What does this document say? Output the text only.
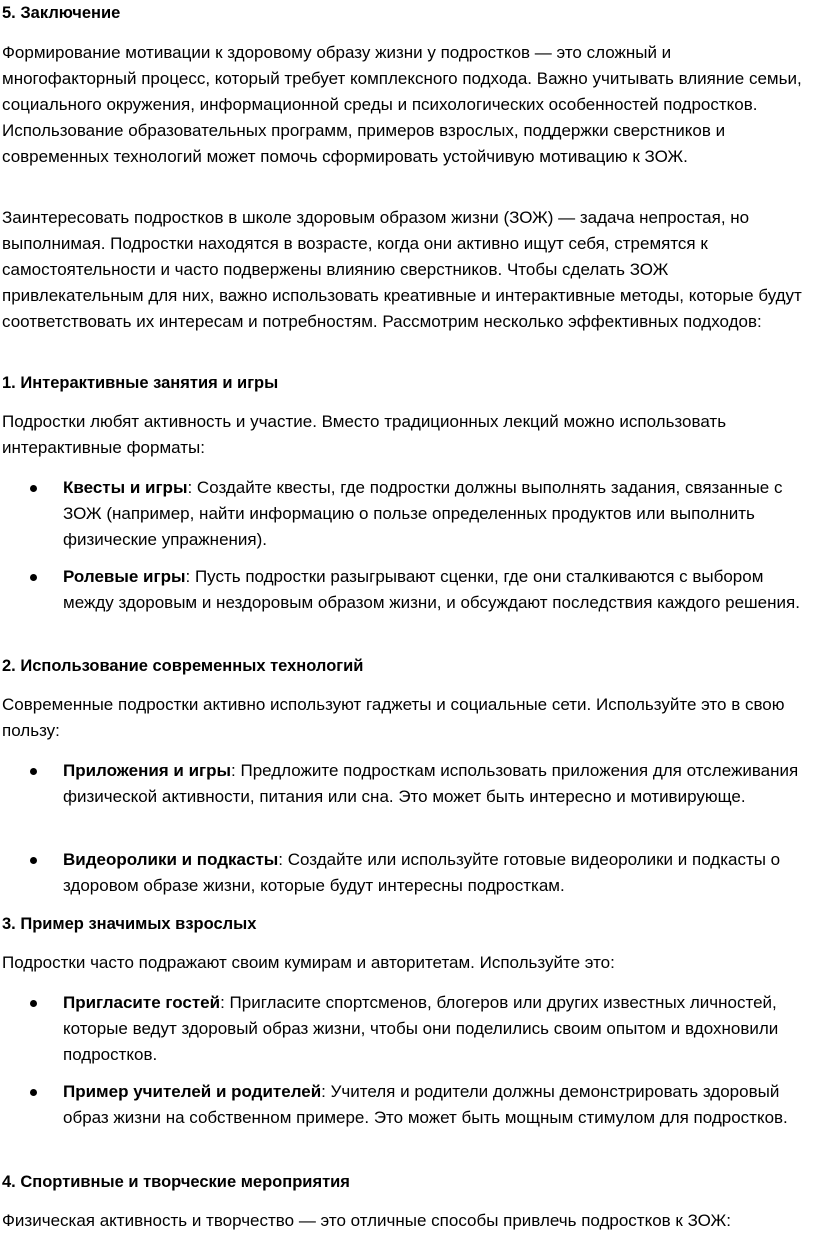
5. Заключение

Формирование мотивации к здоровому образу жизни у подростков — это сложный и многофакторный процесс, который требует комплексного подхода. Важно учитывать влияние семьи, социального окружения, информационной среды и психологических особенностей подростков. Использование образовательных программ, примеров взрослых, поддержки сверстников и современных технологий может помочь сформировать устойчивую мотивацию к ЗОЖ.

Заинтересовать подростков в школе здоровым образом жизни (ЗОЖ) — задача непростая, но выполнимая. Подростки находятся в возрасте, когда они активно ищут себя, стремятся к самостоятельности и часто подвержены влиянию сверстников. Чтобы сделать ЗОЖ привлекательным для них, важно использовать креативные и интерактивные методы, которые будут соответствовать их интересам и потребностям. Рассмотрим несколько эффективных подходов:

1. Интерактивные занятия и игры

Подростки любят активность и участие. Вместо традиционных лекций можно использовать интерактивные форматы:

Квесты и игры: Создайте квесты, где подростки должны выполнять задания, связанные с ЗОЖ (например, найти информацию о пользе определенных продуктов или выполнить физические упражнения).
Ролевые игры: Пусть подростки разыгрывают сценки, где они сталкиваются с выбором между здоровым и нездоровым образом жизни, и обсуждают последствия каждого решения.

2. Использование современных технологий

Современные подростки активно используют гаджеты и социальные сети. Используйте это в свою пользу:

Приложения и игры: Предложите подросткам использовать приложения для отслеживания физической активности, питания или сна. Это может быть интересно и мотивирующе.
Видеоролики и подкасты: Создайте или используйте готовые видеоролики и подкасты о здоровом образе жизни, которые будут интересны подросткам.

3. Пример значимых взрослых

Подростки часто подражают своим кумирам и авторитетам. Используйте это:

Пригласите гостей: Пригласите спортсменов, блогеров или других известных личностей, которые ведут здоровый образ жизни, чтобы они поделились своим опытом и вдохновили подростков.
Пример учителей и родителей: Учителя и родители должны демонстрировать здоровый образ жизни на собственном примере. Это может быть мощным стимулом для подростков.

4. Спортивные и творческие мероприятия

Физическая активность и творчество — это отличные способы привлечь подростков к ЗОЖ:
